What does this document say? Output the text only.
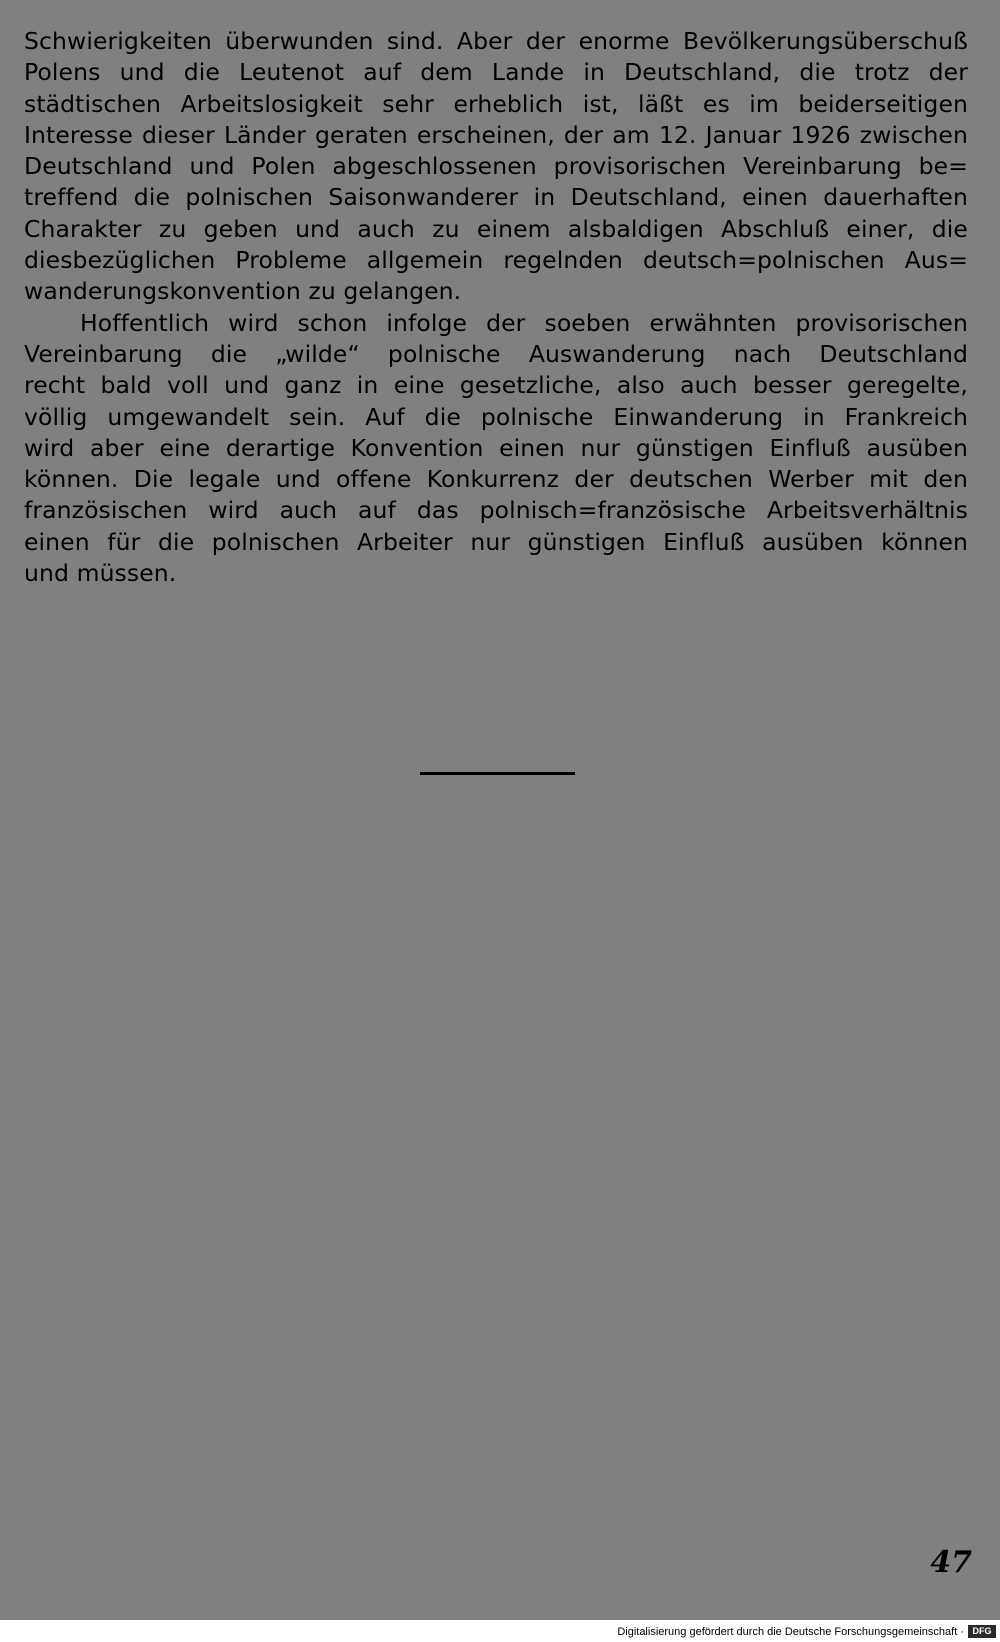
Schwierigkeiten überwunden sind. Aber der enorme Bevölkerungsüberschuß
Polens und die Leutenot auf dem Lande in Deutschland, die trotz der
städtischen Arbeitslosigkeit sehr erheblich ist, läßt es im beiderseitigen
Interesse dieser Länder geraten erscheinen, der am 12. Januar 1926 zwischen
Deutschland und Polen abgeschlossenen provisorischen Vereinbarung be=
treffend die polnischen Saisonwanderer in Deutschland, einen dauerhaften
Charakter zu geben und auch zu einem alsbaldigen Abschluß einer, die
diesbezüglichen Probleme allgemein regelnden deutsch=polnischen Aus=
wanderungskonvention zu gelangen.
Hoffentlich wird schon infolge der soeben erwähnten provisorischen
Vereinbarung die „wilde“ polnische Auswanderung nach Deutschland
recht bald voll und ganz in eine gesetzliche, also auch besser geregelte,
völlig umgewandelt sein. Auf die polnische Einwanderung in Frankreich
wird aber eine derartige Konvention einen nur günstigen Einfluß ausüben
können. Die legale und offene Konkurrenz der deutschen Werber mit den
französischen wird auch auf das polnisch=französische Arbeitsverhältnis
einen für die polnischen Arbeiter nur günstigen Einfluß ausüben können
und müssen.
47
Digitalisierung gefördert durch die Deutsche Forschungsgemeinschaft · DFG
